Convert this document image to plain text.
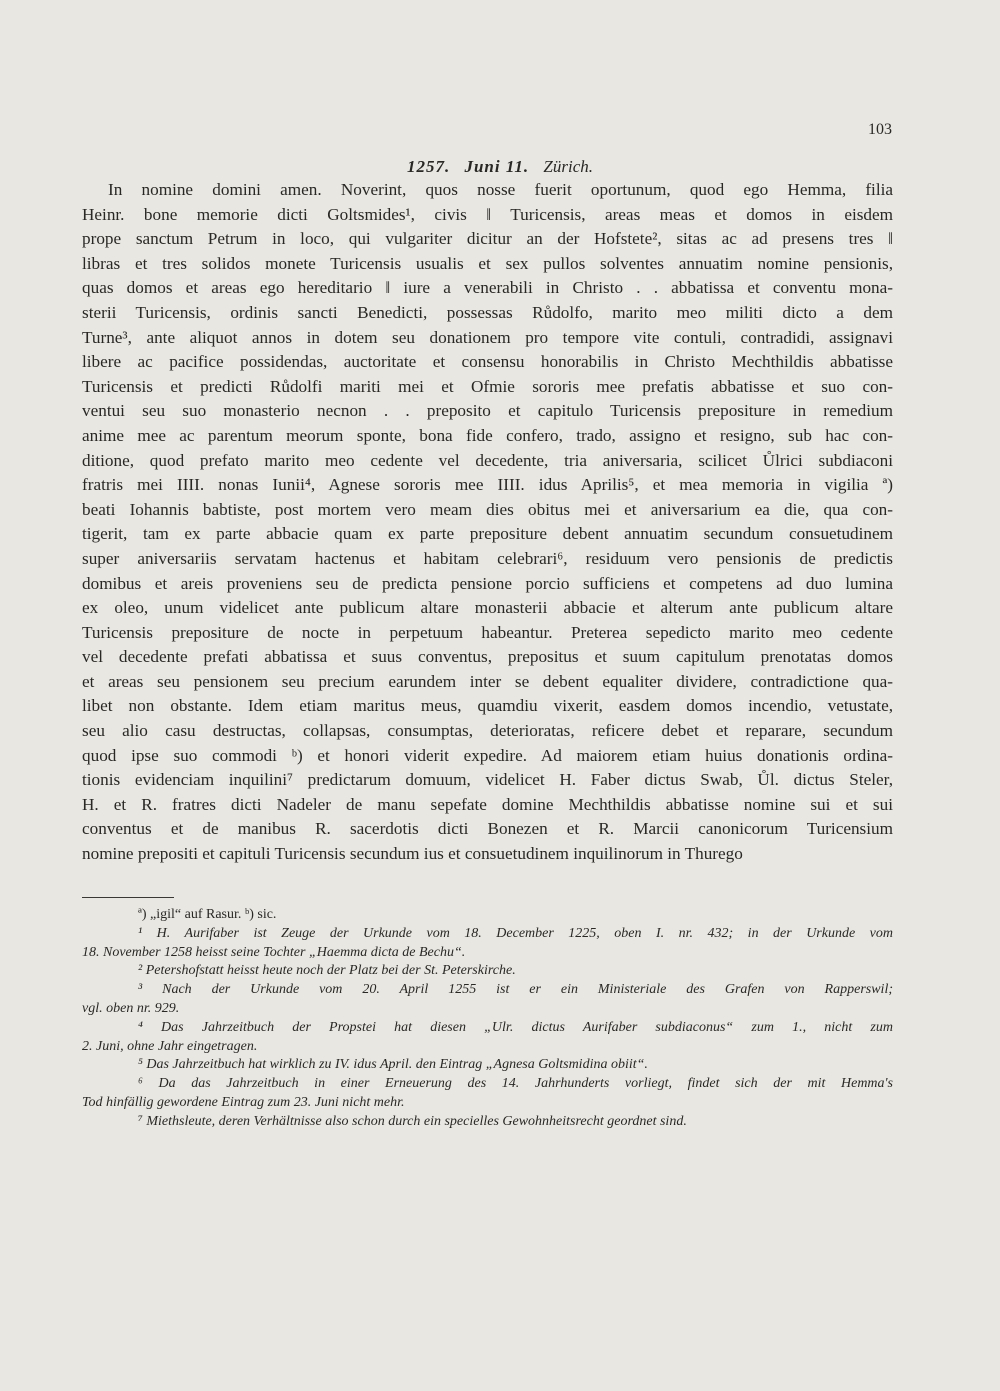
103
1257. Juni 11. Zürich.
In nomine domini amen. Noverint, quos nosse fuerit oportunum, quod ego Hemma, filia
Heinr. bone memorie dicti Goltsmides¹, civis ‖ Turicensis, areas meas et domos in eisdem
prope sanctum Petrum in loco, qui vulgariter dicitur an der Hofstete², sitas ac ad presens tres ‖
libras et tres solidos monete Turicensis usualis et sex pullos solventes annuatim nomine pensionis,
quas domos et areas ego hereditario ‖ iure a venerabili in Christo . . abbatissa et conventu mona-
sterii Turicensis, ordinis sancti Benedicti, possessas Růdolfo, marito meo militi dicto a dem
Turne³, ante aliquot annos in dotem seu donationem pro tempore vite contuli, contradidi, assignavi
libere ac pacifice possidendas, auctoritate et consensu honorabilis in Christo Mechthildis abbatisse
Turicensis et predicti Růdolfi mariti mei et Ofmie sororis mee prefatis abbatisse et suo con-
ventui seu suo monasterio necnon . . preposito et capitulo Turicensis prepositure in remedium
anime mee ac parentum meorum sponte, bona fide confero, trado, assigno et resigno, sub hac con-
ditione, quod prefato marito meo cedente vel decedente, tria aniversaria, scilicet Ůlrici subdiaconi
fratris mei IIII. nonas Iunii⁴, Agnese sororis mee IIII. idus Aprilis⁵, et mea memoria in vigilia ª)
beati Iohannis babtiste, post mortem vero meam dies obitus mei et aniversarium ea die, qua con-
tigerit, tam ex parte abbacie quam ex parte prepositure debent annuatim secundum consuetudinem
super aniversariis servatam hactenus et habitam celebrari⁶, residuum vero pensionis de predictis
domibus et areis proveniens seu de predicta pensione porcio sufficiens et competens ad duo lumina
ex oleo, unum videlicet ante publicum altare monasterii abbacie et alterum ante publicum altare
Turicensis prepositure de nocte in perpetuum habeantur. Preterea sepedicto marito meo cedente
vel decedente prefati abbatissa et suus conventus, prepositus et suum capitulum prenotatas domos
et areas seu pensionem seu precium earundem inter se debent equaliter dividere, contradictione qua-
libet non obstante. Idem etiam maritus meus, quamdiu vixerit, easdem domos incendio, vetustate,
seu alio casu destructas, collapsas, consumptas, deterioratas, reficere debet et reparare, secundum
quod ipse suo commodi ᵇ) et honori viderit expedire. Ad maiorem etiam huius donationis ordina-
tionis evidenciam inquilini⁷ predictarum domuum, videlicet H. Faber dictus Swab, Ůl. dictus Steler,
H. et R. fratres dicti Nadeler de manu sepefate domine Mechthildis abbatisse nomine sui et sui
conventus et de manibus R. sacerdotis dicti Bonezen et R. Marcii canonicorum Turicensium
nomine prepositi et capituli Turicensis secundum ius et consuetudinem inquilinorum in Thurego
ª) „igil“ auf Rasur. ᵇ) sic.
¹ H. Aurifaber ist Zeuge der Urkunde vom 18. December 1225, oben I. nr. 432; in der Urkunde vom
18. November 1258 heisst seine Tochter „Haemma dicta de Bechu“.
² Petershofstatt heisst heute noch der Platz bei der St. Peterskirche.
³ Nach der Urkunde vom 20. April 1255 ist er ein Ministeriale des Grafen von Rapperswil;
vgl. oben nr. 929.
⁴ Das Jahrzeitbuch der Propstei hat diesen „Ulr. dictus Aurifaber subdiaconus“ zum 1., nicht zum
2. Juni, ohne Jahr eingetragen.
⁵ Das Jahrzeitbuch hat wirklich zu IV. idus April. den Eintrag „Agnesa Goltsmidina obiit“.
⁶ Da das Jahrzeitbuch in einer Erneuerung des 14. Jahrhunderts vorliegt, findet sich der mit Hemma's
Tod hinfällig gewordene Eintrag zum 23. Juni nicht mehr.
⁷ Miethsleute, deren Verhältnisse also schon durch ein specielles Gewohnheitsrecht geordnet sind.
